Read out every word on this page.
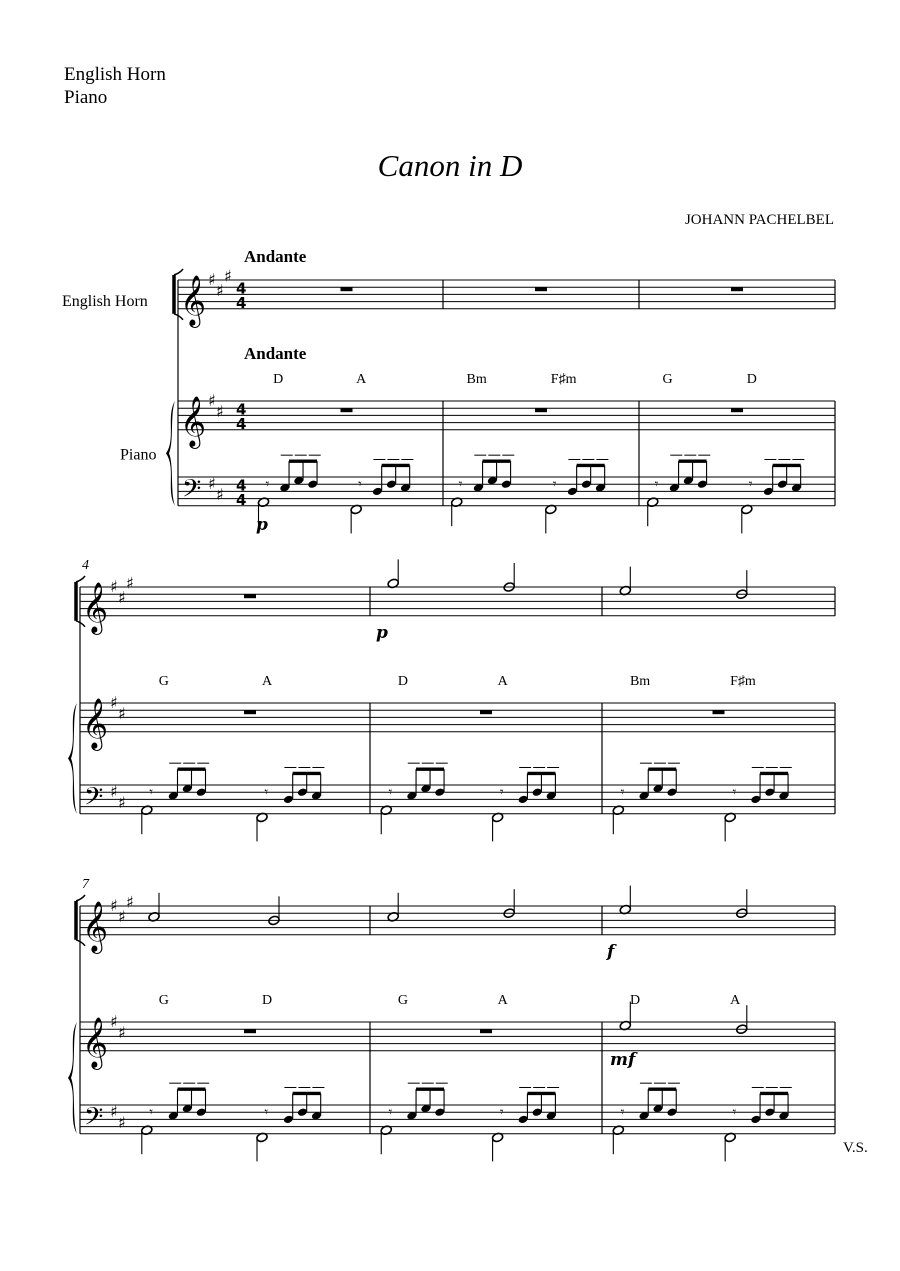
English Horn
Piano
Canon in D
JOHANN PACHELBEL
V.S.
𝄞 ♯
♯
♯
𝄞 ♯
♯
𝄢 ♯
♯
4
4
4
4
4
4
Andante
Andante
English Horn
Piano
D	A
𝄾	𝄾
Bm	F♯m
𝄾	𝄾
G	D
𝄾	𝄾
p
𝄞 ♯
♯
♯
𝄞 ♯
♯
𝄢 ♯
♯
4
G	A
𝄾	𝄾
D	A
𝄾	𝄾
Bm	F♯m
𝄾	𝄾
p
𝄞 ♯
♯
♯
𝄞 ♯
♯
𝄢 ♯
♯
7
G	D
𝄾	𝄾
G	A
𝄾	𝄾
D	A
𝄾	𝄾
f
mf
